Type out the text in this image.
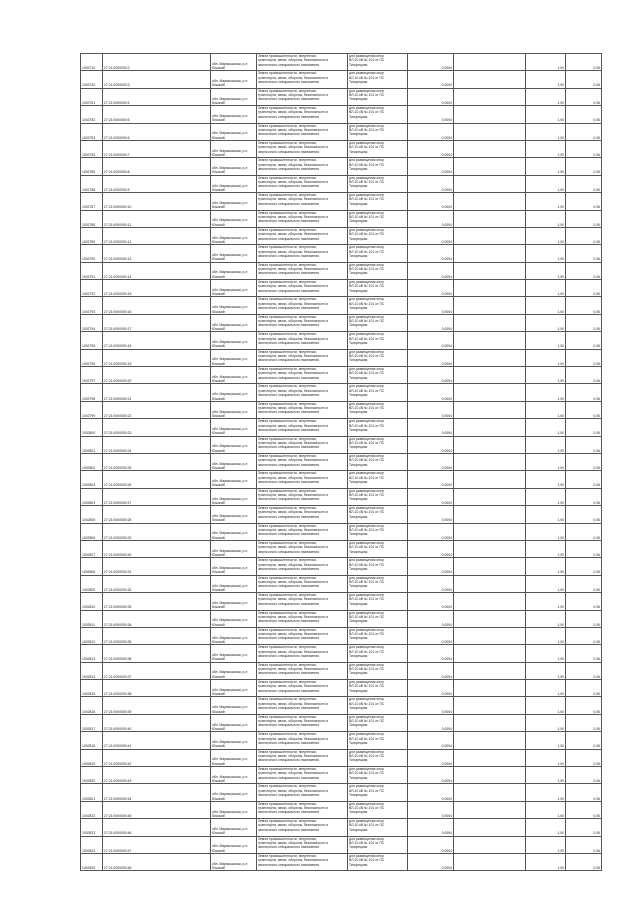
1002710	27:21:0000000:2	обл. Мармышская, р-н
Южский	Земли промышленности, энергетики,
транспорта, связи, обороны, безопасности и
земли иного специального назначения	для размещения опор
ВЛ-10 кВ № 101 от ПС
Тихорецкая	0,0004		1,00	0,06
1002740	27:21:0000000:3	обл. Мармышская, р-н
Южский	Земли промышленности, энергетики,
транспорта, связи, обороны, безопасности и
земли иного специального назначения	для размещения опор
ВЛ-10 кВ № 101 от ПС
Тихорецкая	0,0004		1,00	0,06
1002781	27:21:0000000:4	обл. Мармышская, р-н
Южский	Земли промышленности, энергетики,
транспорта, связи, обороны, безопасности и
земли иного специального назначения	для размещения опор
ВЛ-10 кВ № 101 от ПС
Тихорецкая	0,0004		1,00	0,06
1002782	27:21:0000000:5	обл. Мармышская, р-н
Южский	Земли промышленности, энергетики,
транспорта, связи, обороны, безопасности и
земли иного специального назначения	для размещения опор
ВЛ-10 кВ № 101 от ПС
Тихорецкая	0,0004		1,00	0,06
1002783	27:21:0000000:6	обл. Мармышская, р-н
Южский	Земли промышленности, энергетики,
транспорта, связи, обороны, безопасности и
земли иного специального назначения	для размещения опор
ВЛ-10 кВ № 101 от ПС
Тихорецкая	0,0004		1,00	0,06
1002784	27:21:0000000:7	обл. Мармышская, р-н
Южский	Земли промышленности, энергетики,
транспорта, связи, обороны, безопасности и
земли иного специального назначения	для размещения опор
ВЛ-10 кВ № 101 от ПС
Тихорецкая	0,0004		1,00	0,06
1002785	27:21:0000000:8	обл. Мармышская, р-н
Южский	Земли промышленности, энергетики,
транспорта, связи, обороны, безопасности и
земли иного специального назначения	для размещения опор
ВЛ-10 кВ № 101 от ПС
Тихорецкая	0,0004		1,00	0,06
1002786	27:21:0000000:9	обл. Мармышская, р-н
Южский	Земли промышленности, энергетики,
транспорта, связи, обороны, безопасности и
земли иного специального назначения	для размещения опор
ВЛ-10 кВ № 101 от ПС
Тихорецкая	0,0004		1,00	0,06
1002787	27:21:0000000:10	обл. Мармышская, р-н
Южский	Земли промышленности, энергетики,
транспорта, связи, обороны, безопасности и
земли иного специального назначения	для размещения опор
ВЛ-10 кВ № 101 от ПС
Тихорецкая	0,0004		1,00	0,06
1002788	27:21:0000000:11	обл. Мармышская, р-н
Южский	Земли промышленности, энергетики,
транспорта, связи, обороны, безопасности и
земли иного специального назначения	для размещения опор
ВЛ-10 кВ № 101 от ПС
Тихорецкая	0,0004		1,00	0,06
1002789	27:21:0000000:12	обл. Мармышская, р-н
Южский	Земли промышленности, энергетики,
транспорта, связи, обороны, безопасности и
земли иного специального назначения	для размещения опор
ВЛ-10 кВ № 101 от ПС
Тихорецкая	0,0004		1,00	0,06
1002790	27:21:0000000:13	обл. Мармышская, р-н
Южский	Земли промышленности, энергетики,
транспорта, связи, обороны, безопасности и
земли иного специального назначения	для размещения опор
ВЛ-10 кВ № 101 от ПС
Тихорецкая	0,0004		1,00	0,06
1002791	27:21:0000000:14	обл. Мармышская, р-н
Южский	Земли промышленности, энергетики,
транспорта, связи, обороны, безопасности и
земли иного специального назначения	для размещения опор
ВЛ-10 кВ № 101 от ПС
Тихорецкая	0,0004		1,00	0,06
1002792	27:21:0000000:15	обл. Мармышская, р-н
Южский	Земли промышленности, энергетики,
транспорта, связи, обороны, безопасности и
земли иного специального назначения	для размещения опор
ВЛ-10 кВ № 101 от ПС
Тихорецкая	0,0004		1,00	0,06
1002793	27:21:0000000:16	обл. Мармышская, р-н
Южский	Земли промышленности, энергетики,
транспорта, связи, обороны, безопасности и
земли иного специального назначения	для размещения опор
ВЛ-10 кВ № 101 от ПС
Тихорецкая	0,0004		1,00	0,06
1002794	27:21:0000000:17	обл. Мармышская, р-н
Южский	Земли промышленности, энергетики,
транспорта, связи, обороны, безопасности и
земли иного специального назначения	для размещения опор
ВЛ-10 кВ № 101 от ПС
Тихорецкая	0,0004		1,00	0,06
1002795	27:21:0000000:18	обл. Мармышская, р-н
Южский	Земли промышленности, энергетики,
транспорта, связи, обороны, безопасности и
земли иного специального назначения	для размещения опор
ВЛ-10 кВ № 101 от ПС
Тихорецкая	0,0004		1,00	0,06
1002796	27:21:0000000:19	обл. Мармышская, р-н
Южский	Земли промышленности, энергетики,
транспорта, связи, обороны, безопасности и
земли иного специального назначения	для размещения опор
ВЛ-10 кВ № 101 от ПС
Тихорецкая	0,0004		1,00	0,06
1002797	27:21:0000000:20	обл. Мармышская, р-н
Южский	Земли промышленности, энергетики,
транспорта, связи, обороны, безопасности и
земли иного специального назначения	для размещения опор
ВЛ-10 кВ № 101 от ПС
Тихорецкая	0,0004		1,00	0,06
1002798	27:21:0000000:21	обл. Мармышская, р-н
Южский	Земли промышленности, энергетики,
транспорта, связи, обороны, безопасности и
земли иного специального назначения	для размещения опор
ВЛ-10 кВ № 101 от ПС
Тихорецкая	0,0004		1,00	0,06
1002799	27:21:0000000:22	обл. Мармышская, р-н
Южский	Земли промышленности, энергетики,
транспорта, связи, обороны, безопасности и
земли иного специального назначения	для размещения опор
ВЛ-10 кВ № 101 от ПС
Тихорецкая	0,0004		1,00	0,06
1002800	27:21:0000000:23	обл. Мармышская, р-н
Южский	Земли промышленности, энергетики,
транспорта, связи, обороны, безопасности и
земли иного специального назначения	для размещения опор
ВЛ-10 кВ № 101 от ПС
Тихорецкая	0,0004		1,00	0,06
1002801	27:21:0000000:24	обл. Мармышская, р-н
Южский	Земли промышленности, энергетики,
транспорта, связи, обороны, безопасности и
земли иного специального назначения	для размещения опор
ВЛ-10 кВ № 101 от ПС
Тихорецкая	0,0004		1,00	0,06
1002802	27:21:0000000:25	обл. Мармышская, р-н
Южский	Земли промышленности, энергетики,
транспорта, связи, обороны, безопасности и
земли иного специального назначения	для размещения опор
ВЛ-10 кВ № 101 от ПС
Тихорецкая	0,0004		1,00	0,06
1002803	27:21:0000000:26	обл. Мармышская, р-н
Южский	Земли промышленности, энергетики,
транспорта, связи, обороны, безопасности и
земли иного специального назначения	для размещения опор
ВЛ-10 кВ № 101 от ПС
Тихорецкая	0,0004		1,00	0,06
1002804	27:21:0000000:27	обл. Мармышская, р-н
Южский	Земли промышленности, энергетики,
транспорта, связи, обороны, безопасности и
земли иного специального назначения	для размещения опор
ВЛ-10 кВ № 101 от ПС
Тихорецкая	0,0004		1,00	0,06
1002805	27:21:0000000:28	обл. Мармышская, р-н
Южский	Земли промышленности, энергетики,
транспорта, связи, обороны, безопасности и
земли иного специального назначения	для размещения опор
ВЛ-10 кВ № 101 от ПС
Тихорецкая	0,0004		1,00	0,06
1002806	27:21:0000000:29	обл. Мармышская, р-н
Южский	Земли промышленности, энергетики,
транспорта, связи, обороны, безопасности и
земли иного специального назначения	для размещения опор
ВЛ-10 кВ № 101 от ПС
Тихорецкая	0,0004		1,00	0,06
1002807	27:21:0000000:30	обл. Мармышская, р-н
Южский	Земли промышленности, энергетики,
транспорта, связи, обороны, безопасности и
земли иного специального назначения	для размещения опор
ВЛ-10 кВ № 101 от ПС
Тихорецкая	0,0004		1,00	0,06
1002808	27:21:0000000:31	обл. Мармышская, р-н
Южский	Земли промышленности, энергетики,
транспорта, связи, обороны, безопасности и
земли иного специального назначения	для размещения опор
ВЛ-10 кВ № 101 от ПС
Тихорецкая	0,0004		1,00	0,06
1002809	27:21:0000000:32	обл. Мармышская, р-н
Южский	Земли промышленности, энергетики,
транспорта, связи, обороны, безопасности и
земли иного специального назначения	для размещения опор
ВЛ-10 кВ № 101 от ПС
Тихорецкая	0,0004		1,00	0,06
1002810	27:21:0000000:33	обл. Мармышская, р-н
Южский	Земли промышленности, энергетики,
транспорта, связи, обороны, безопасности и
земли иного специального назначения	для размещения опор
ВЛ-10 кВ № 101 от ПС
Тихорецкая	0,0004		1,00	0,06
1002811	27:21:0000000:34	обл. Мармышская, р-н
Южский	Земли промышленности, энергетики,
транспорта, связи, обороны, безопасности и
земли иного специального назначения	для размещения опор
ВЛ-10 кВ № 101 от ПС
Тихорецкая	0,0004		1,00	0,06
1002812	27:21:0000000:35	обл. Мармышская, р-н
Южский	Земли промышленности, энергетики,
транспорта, связи, обороны, безопасности и
земли иного специального назначения	для размещения опор
ВЛ-10 кВ № 101 от ПС
Тихорецкая	0,0004		1,00	0,06
1002813	27:21:0000000:36	обл. Мармышская, р-н
Южский	Земли промышленности, энергетики,
транспорта, связи, обороны, безопасности и
земли иного специального назначения	для размещения опор
ВЛ-10 кВ № 101 от ПС
Тихорецкая	0,0004		1,00	0,06
1002814	27:21:0000000:37	обл. Мармышская, р-н
Южский	Земли промышленности, энергетики,
транспорта, связи, обороны, безопасности и
земли иного специального назначения	для размещения опор
ВЛ-10 кВ № 101 от ПС
Тихорецкая	0,0004		1,00	0,06
1002815	27:21:0000000:38	обл. Мармышская, р-н
Южский	Земли промышленности, энергетики,
транспорта, связи, обороны, безопасности и
земли иного специального назначения	для размещения опор
ВЛ-10 кВ № 101 от ПС
Тихорецкая	0,0004		1,00	0,06
1002816	27:21:0000000:39	обл. Мармышская, р-н
Южский	Земли промышленности, энергетики,
транспорта, связи, обороны, безопасности и
земли иного специального назначения	для размещения опор
ВЛ-10 кВ № 101 от ПС
Тихорецкая	0,0004		1,00	0,06
1002817	27:21:0000000:40	обл. Мармышская, р-н
Южский	Земли промышленности, энергетики,
транспорта, связи, обороны, безопасности и
земли иного специального назначения	для размещения опор
ВЛ-10 кВ № 101 от ПС
Тихорецкая	0,0004		1,00	0,06
1002818	27:21:0000000:41	обл. Мармышская, р-н
Южский	Земли промышленности, энергетики,
транспорта, связи, обороны, безопасности и
земли иного специального назначения	для размещения опор
ВЛ-10 кВ № 101 от ПС
Тихорецкая	0,0004		1,00	0,06
1002819	27:21:0000000:42	обл. Мармышская, р-н
Южский	Земли промышленности, энергетики,
транспорта, связи, обороны, безопасности и
земли иного специального назначения	для размещения опор
ВЛ-10 кВ № 101 от ПС
Тихорецкая	0,0004		1,00	0,06
1002820	27:21:0000000:43	обл. Мармышская, р-н
Южский	Земли промышленности, энергетики,
транспорта, связи, обороны, безопасности и
земли иного специального назначения	для размещения опор
ВЛ-10 кВ № 101 от ПС
Тихорецкая	0,0004		1,00	0,06
1002821	27:21:0000000:44	обл. Мармышская, р-н
Южский	Земли промышленности, энергетики,
транспорта, связи, обороны, безопасности и
земли иного специального назначения	для размещения опор
ВЛ-10 кВ № 101 от ПС
Тихорецкая	0,0004		1,00	0,06
1002822	27:21:0000000:45	обл. Мармышская, р-н
Южский	Земли промышленности, энергетики,
транспорта, связи, обороны, безопасности и
земли иного специального назначения	для размещения опор
ВЛ-10 кВ № 101 от ПС
Тихорецкая	0,0004		1,00	0,06
1002823	27:21:0000000:46	обл. Мармышская, р-н
Южский	Земли промышленности, энергетики,
транспорта, связи, обороны, безопасности и
земли иного специального назначения	для размещения опор
ВЛ-10 кВ № 101 от ПС
Тихорецкая	0,0004		1,00	0,06
1002824	27:21:0000000:47	обл. Мармышская, р-н
Южский	Земли промышленности, энергетики,
транспорта, связи, обороны, безопасности и
земли иного специального назначения	для размещения опор
ВЛ-10 кВ № 101 от ПС
Тихорецкая	0,0004		1,00	0,06
1002825	27:21:0000000:48	обл. Мармышская, р-н
Южский	Земли промышленности, энергетики,
транспорта, связи, обороны, безопасности и
земли иного специального назначения	для размещения опор
ВЛ-10 кВ № 101 от ПС
Тихорецкая	0,0004		1,00	0,06
